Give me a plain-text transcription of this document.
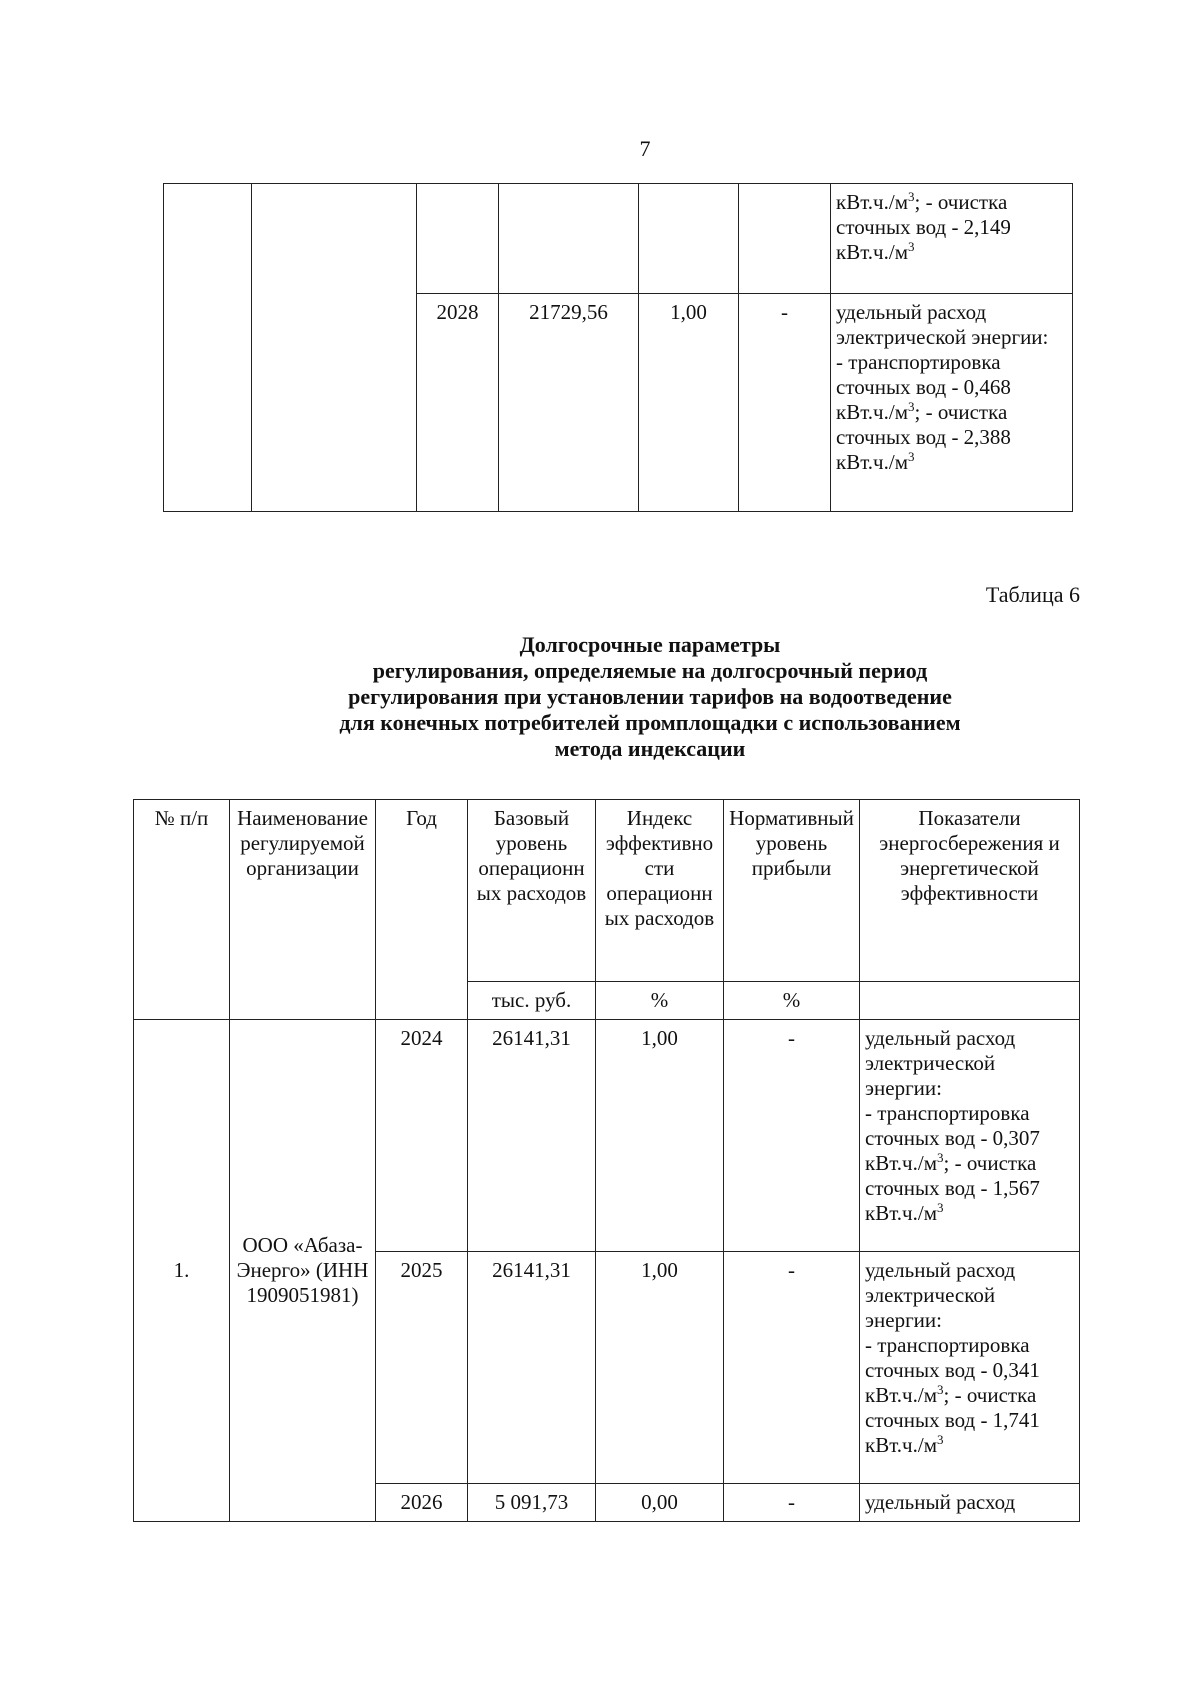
7
						$кВт.ч./м^3$; - очистка сточных вод - 2,149 $кВт.ч./м^3$
		2028	21729,56	1,00	-	удельный расход электрической энергии:
- транспортировка сточных вод - 0,468 $кВт.ч./м^3$; - очистка сточных вод - 2,388 $кВт.ч./м^3$
Таблица 6
Долгосрочные параметры
регулирования, определяемые на долгосрочный период
регулирования при установлении тарифов на водоотведение
для конечных потребителей промплощадки с использованием
метода индексации
№ п/п	Наименование регулируемой организации	Год	Базовый уровень операционных расходов	Индекс эффективности операционных расходов	Нормативный уровень прибыли	Показатели энергосбережения и энергетической эффективности
			тыс. руб.	%	%	
1.	ООО «Абаза-Энерго» (ИНН 1909051981)	2024	26141,31	1,00	-	удельный расход электрической энергии:
- транспортировка сточных вод - 0,307 $кВт.ч./м^3$; - очистка сточных вод - 1,567 $кВт.ч./м^3$
		2025	26141,31	1,00	-	удельный расход электрической энергии:
- транспортировка сточных вод - 0,341 $кВт.ч./м^3$; - очистка сточных вод - 1,741 $кВт.ч./м^3$
		2026	5 091,73	0,00	-	удельный расход
